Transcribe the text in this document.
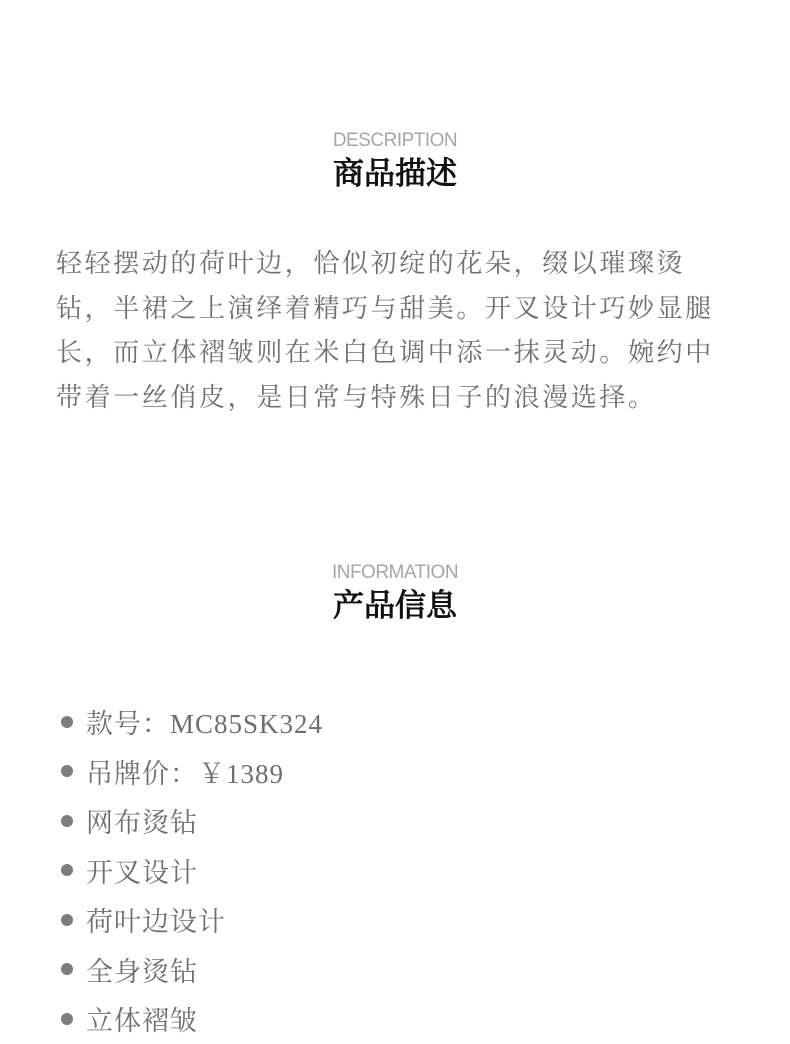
DESCRIPTION
商品描述

轻轻摆动的荷叶边，恰似初绽的花朵，缀以璀璨烫钻，半裙之上演绎着精巧与甜美。开叉设计巧妙显腿长，而立体褶皱则在米白色调中添一抹灵动。婉约中带着一丝俏皮，是日常与特殊日子的浪漫选择。

INFORMATION
产品信息
款号：MC85SK324
吊牌价：￥1389
网布烫钻
开叉设计
荷叶边设计
全身烫钻
立体褶皱
